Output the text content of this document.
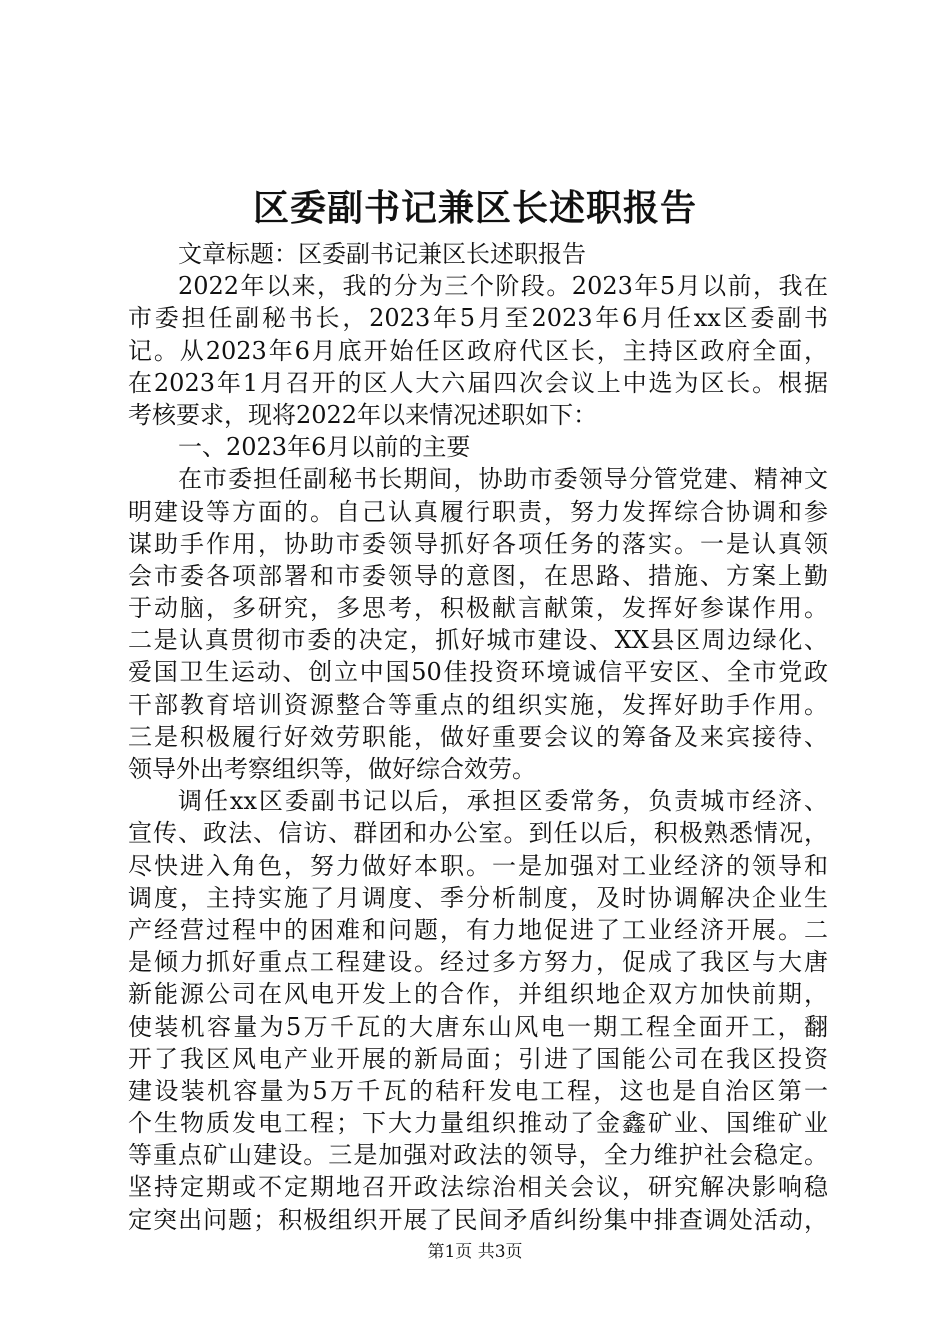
区委副书记兼区长述职报告
文章标题：区委副书记兼区长述职报告
2022年以来，我的分为三个阶段。2023年5月以前，我在
市委担任副秘书长，2023年5月至2023年6月任xx区委副书
记。从2023年6月底开始任区政府代区长，主持区政府全面，
在2023年1月召开的区人大六届四次会议上中选为区长。根据
考核要求，现将2022年以来情况述职如下：
一、2023年6月以前的主要
在市委担任副秘书长期间，协助市委领导分管党建、精神文
明建设等方面的。自己认真履行职责，努力发挥综合协调和参
谋助手作用，协助市委领导抓好各项任务的落实。一是认真领
会市委各项部署和市委领导的意图，在思路、措施、方案上勤
于动脑，多研究，多思考，积极献言献策，发挥好参谋作用。
二是认真贯彻市委的决定，抓好城市建设、XX县区周边绿化、
爱国卫生运动、创立中国50佳投资环境诚信平安区、全市党政
干部教育培训资源整合等重点的组织实施，发挥好助手作用。
三是积极履行好效劳职能，做好重要会议的筹备及来宾接待、
领导外出考察组织等，做好综合效劳。
调任xx区委副书记以后，承担区委常务，负责城市经济、
宣传、政法、信访、群团和办公室。到任以后，积极熟悉情况，
尽快进入角色，努力做好本职。一是加强对工业经济的领导和
调度，主持实施了月调度、季分析制度，及时协调解决企业生
产经营过程中的困难和问题，有力地促进了工业经济开展。二
是倾力抓好重点工程建设。经过多方努力，促成了我区与大唐
新能源公司在风电开发上的合作，并组织地企双方加快前期，
使装机容量为5万千瓦的大唐东山风电一期工程全面开工，翻
开了我区风电产业开展的新局面；引进了国能公司在我区投资
建设装机容量为5万千瓦的秸秆发电工程，这也是自治区第一
个生物质发电工程；下大力量组织推动了金鑫矿业、国维矿业
等重点矿山建设。三是加强对政法的领导，全力维护社会稳定。
坚持定期或不定期地召开政法综治相关会议，研究解决影响稳
定突出问题；积极组织开展了民间矛盾纠纷集中排查调处活动，
第1页 共3页
